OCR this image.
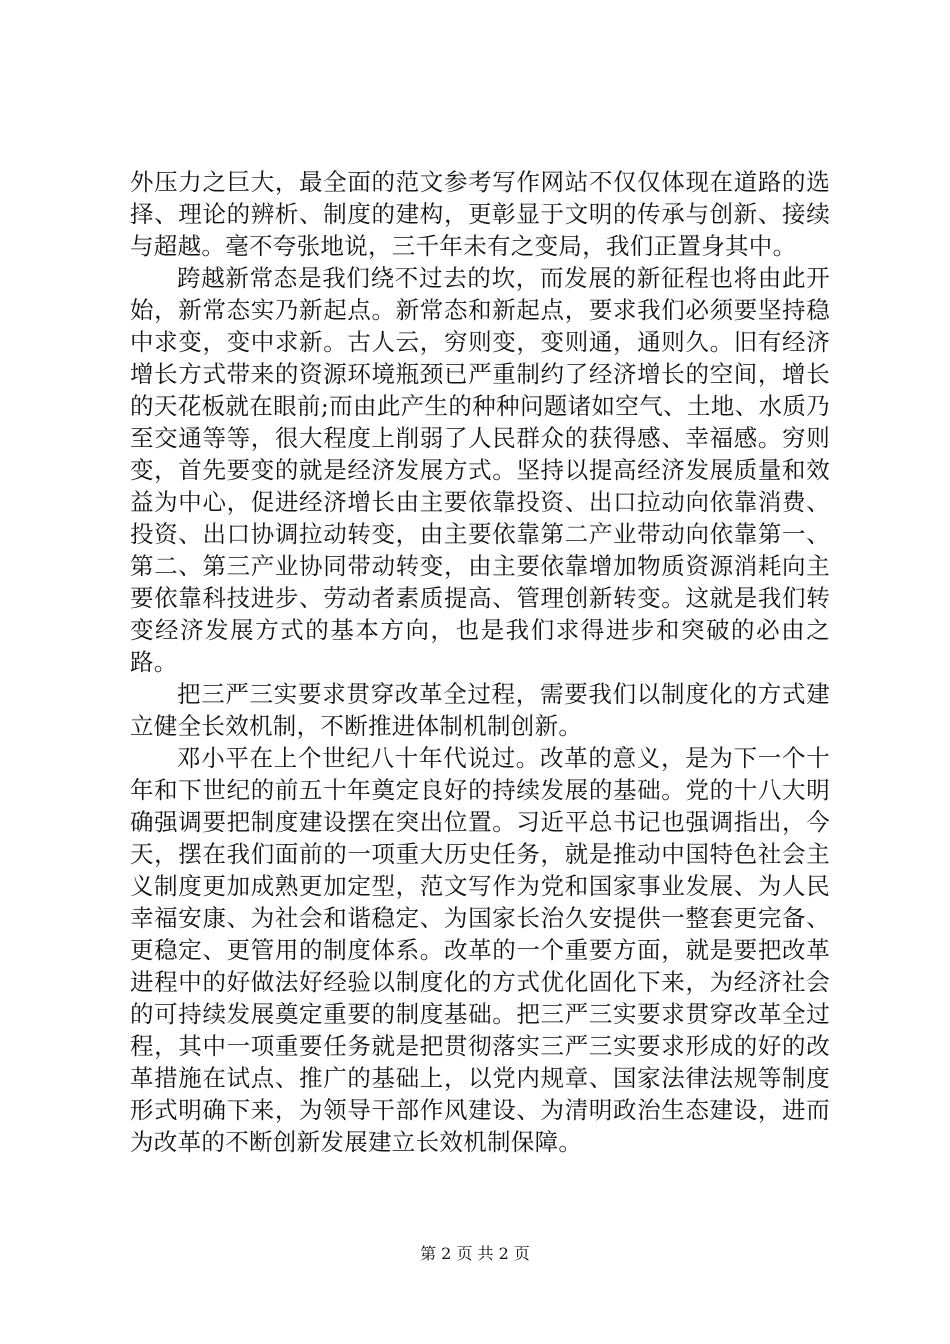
外压力之巨大，最全面的范文参考写作网站不仅仅体现在道路的选择、理论的辨析、制度的建构，更彰显于文明的传承与创新、接续与超越。毫不夸张地说，三千年未有之变局，我们正置身其中。

跨越新常态是我们绕不过去的坎，而发展的新征程也将由此开始，新常态实乃新起点。新常态和新起点，要求我们必须要坚持稳中求变，变中求新。古人云，穷则变，变则通，通则久。旧有经济增长方式带来的资源环境瓶颈已严重制约了经济增长的空间，增长的天花板就在眼前;而由此产生的种种问题诸如空气、土地、水质乃至交通等等，很大程度上削弱了人民群众的获得感、幸福感。穷则变，首先要变的就是经济发展方式。坚持以提高经济发展质量和效益为中心，促进经济增长由主要依靠投资、出口拉动向依靠消费、投资、出口协调拉动转变，由主要依靠第二产业带动向依靠第一、第二、第三产业协同带动转变，由主要依靠增加物质资源消耗向主要依靠科技进步、劳动者素质提高、管理创新转变。这就是我们转变经济发展方式的基本方向，也是我们求得进步和突破的必由之路。

把三严三实要求贯穿改革全过程，需要我们以制度化的方式建立健全长效机制，不断推进体制机制创新。

邓小平在上个世纪八十年代说过。改革的意义，是为下一个十年和下世纪的前五十年奠定良好的持续发展的基础。党的十八大明确强调要把制度建设摆在突出位置。习近平总书记也强调指出，今天，摆在我们面前的一项重大历史任务，就是推动中国特色社会主义制度更加成熟更加定型，范文写作为党和国家事业发展、为人民幸福安康、为社会和谐稳定、为国家长治久安提供一整套更完备、更稳定、更管用的制度体系。改革的一个重要方面，就是要把改革进程中的好做法好经验以制度化的方式优化固化下来，为经济社会的可持续发展奠定重要的制度基础。把三严三实要求贯穿改革全过程，其中一项重要任务就是把贯彻落实三严三实要求形成的好的改革措施在试点、推广的基础上，以党内规章、国家法律法规等制度形式明确下来，为领导干部作风建设、为清明政治生态建设，进而为改革的不断创新发展建立长效机制保障。

第 2 页 共 2 页
